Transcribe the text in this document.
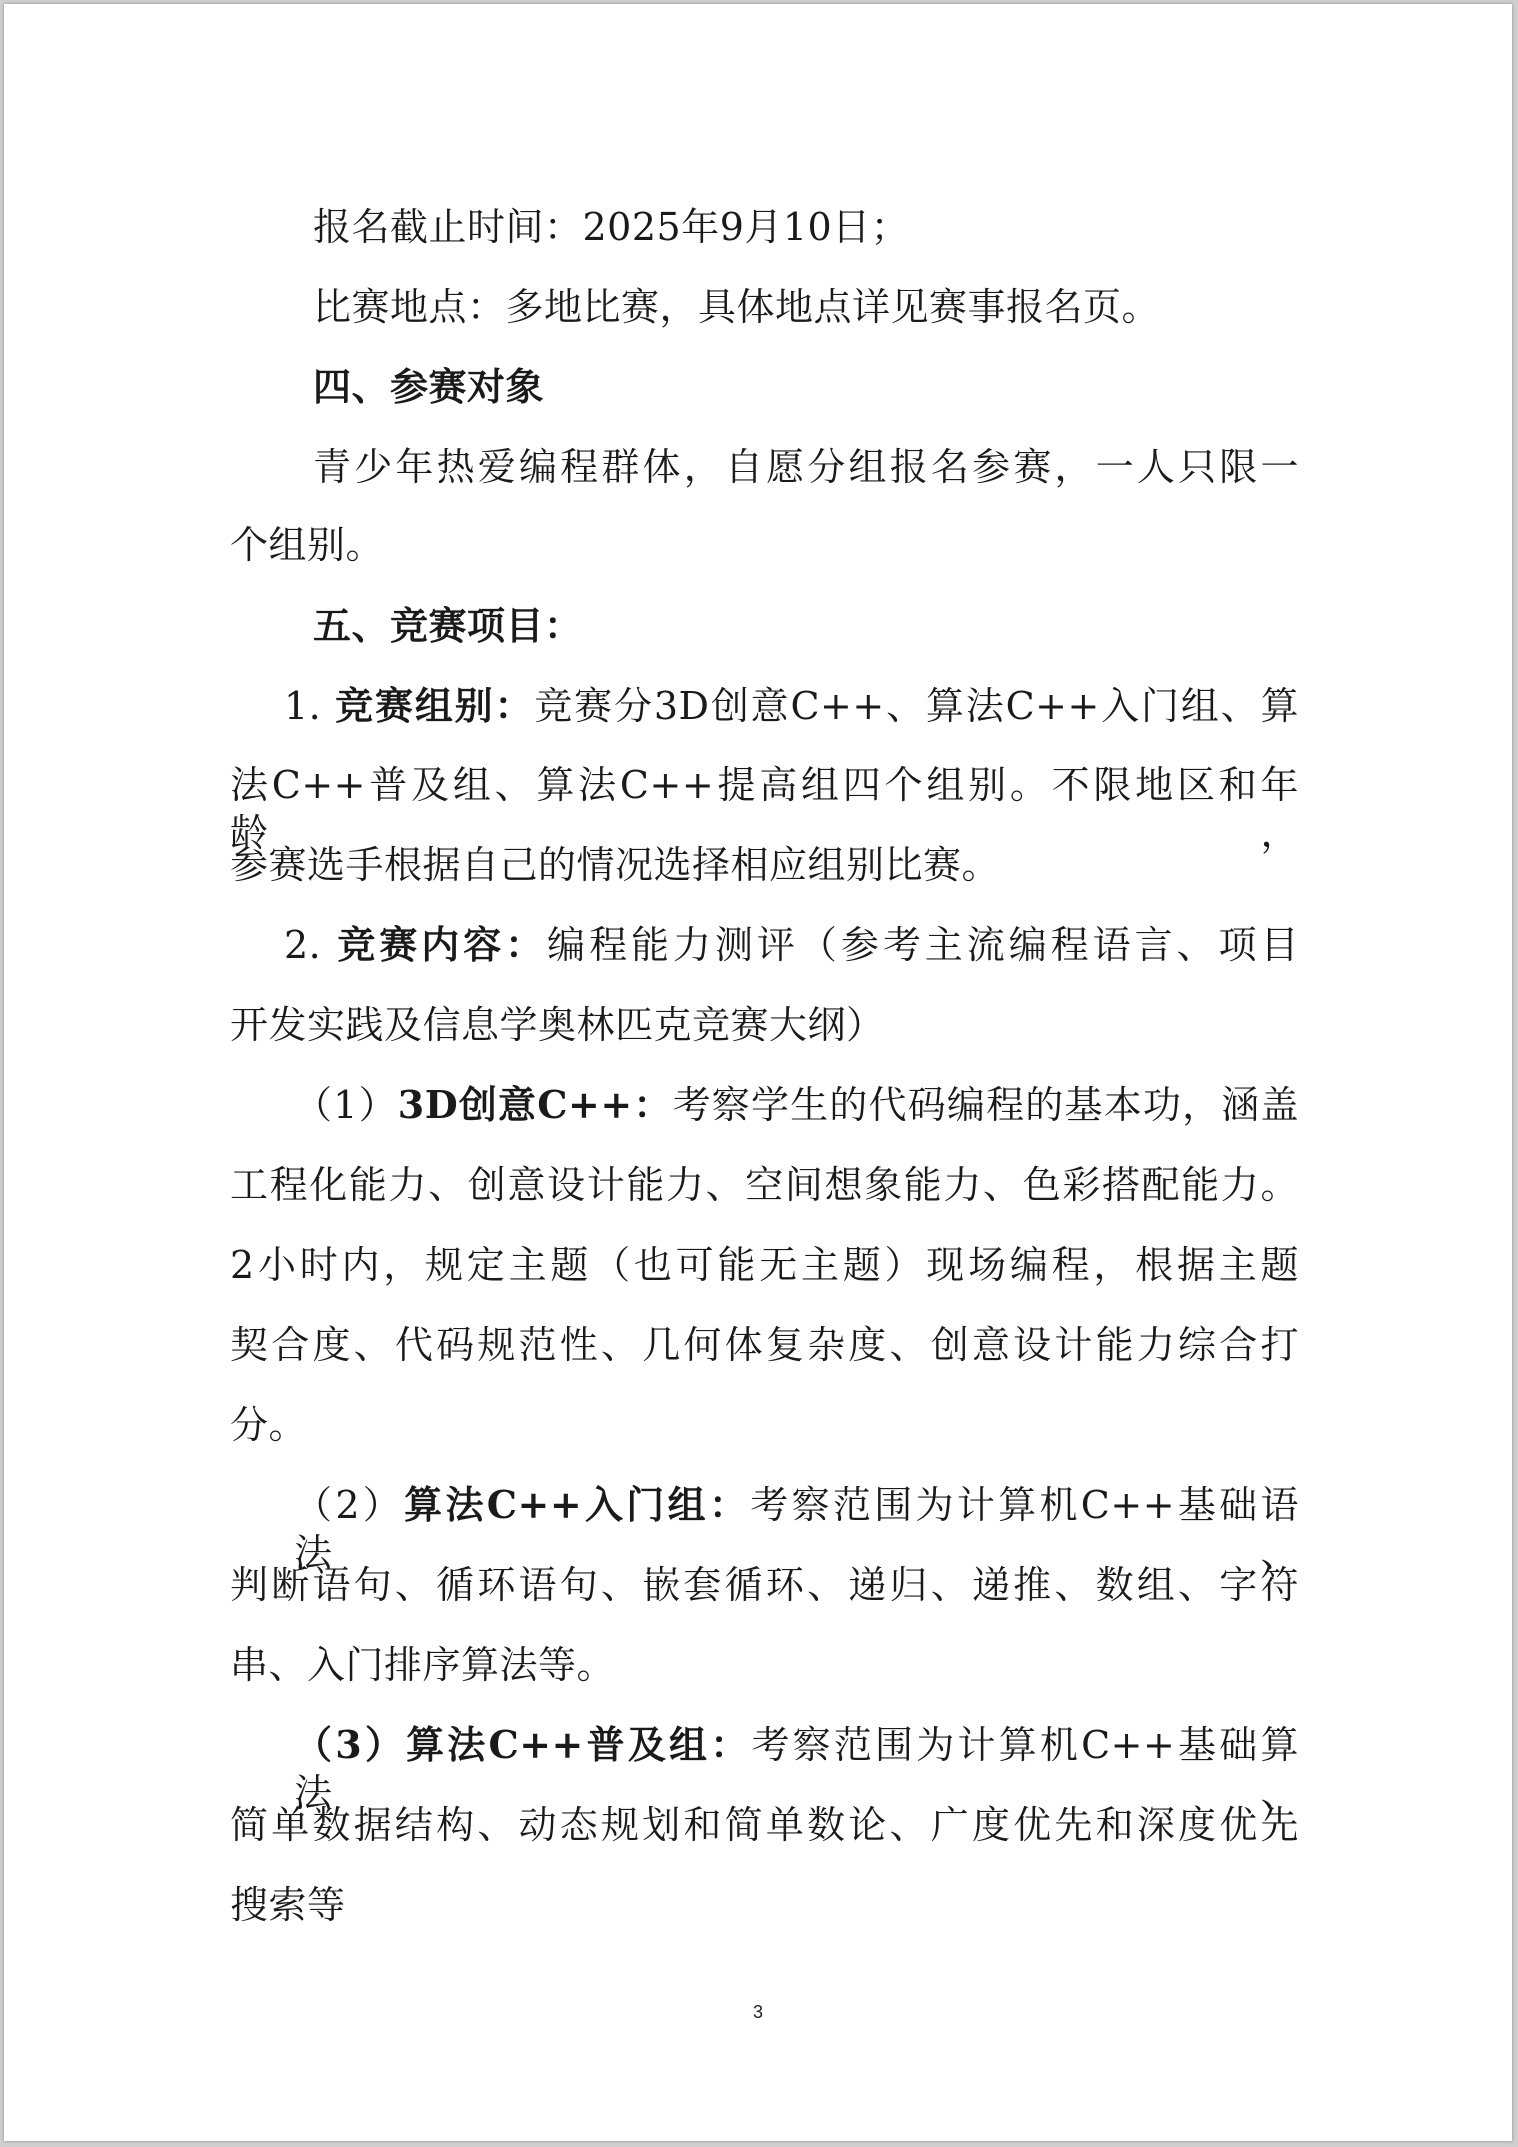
报名截止时间：2025年9月10日；
比赛地点：多地比赛，具体地点详见赛事报名页。
四、参赛对象
青少年热爱编程群体，自愿分组报名参赛，一人只限一
个组别。
五、竞赛项目：
1. 竞赛组别：竞赛分3D创意C++、算法C++入门组、算
法C++普及组、算法C++提高组四个组别。不限地区和年龄，
参赛选手根据自己的情况选择相应组别比赛。
2. 竞赛内容：编程能力测评（参考主流编程语言、项目
开发实践及信息学奥林匹克竞赛大纲）
（1）3D创意C++：考察学生的代码编程的基本功，涵盖
工程化能力、创意设计能力、空间想象能力、色彩搭配能力。
2小时内，规定主题（也可能无主题）现场编程，根据主题
契合度、代码规范性、几何体复杂度、创意设计能力综合打
分。
（2）算法C++入门组：考察范围为计算机C++基础语法、
判断语句、循环语句、嵌套循环、递归、递推、数组、字符
串、入门排序算法等。
（3）算法C++普及组：考察范围为计算机C++基础算法、
简单数据结构、动态规划和简单数论、广度优先和深度优先
搜索等
3
